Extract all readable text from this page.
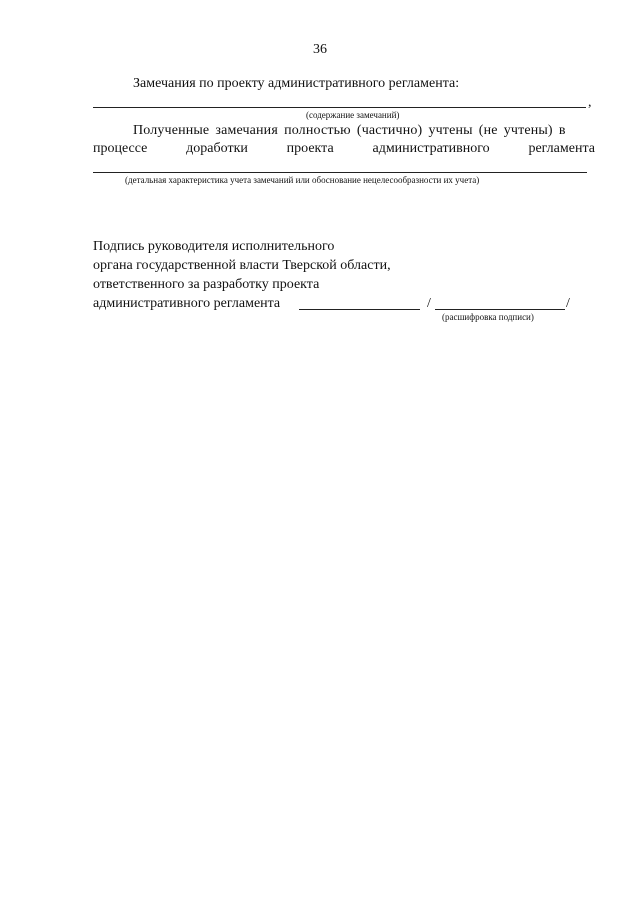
36
Замечания по проекту административного регламента:
,
(содержание замечаний)
Полученные замечания полностью (частично) учтены (не учтены) в
процессе	доработки	проекта	административного	регламента
(детальная характеристика учета замечаний или обоснование нецелесообразности их учета)
Подпись руководителя исполнительного
органа государственной власти Тверской области,
ответственного за разработку проекта
административного регламента	/	/
(расшифровка подписи)
